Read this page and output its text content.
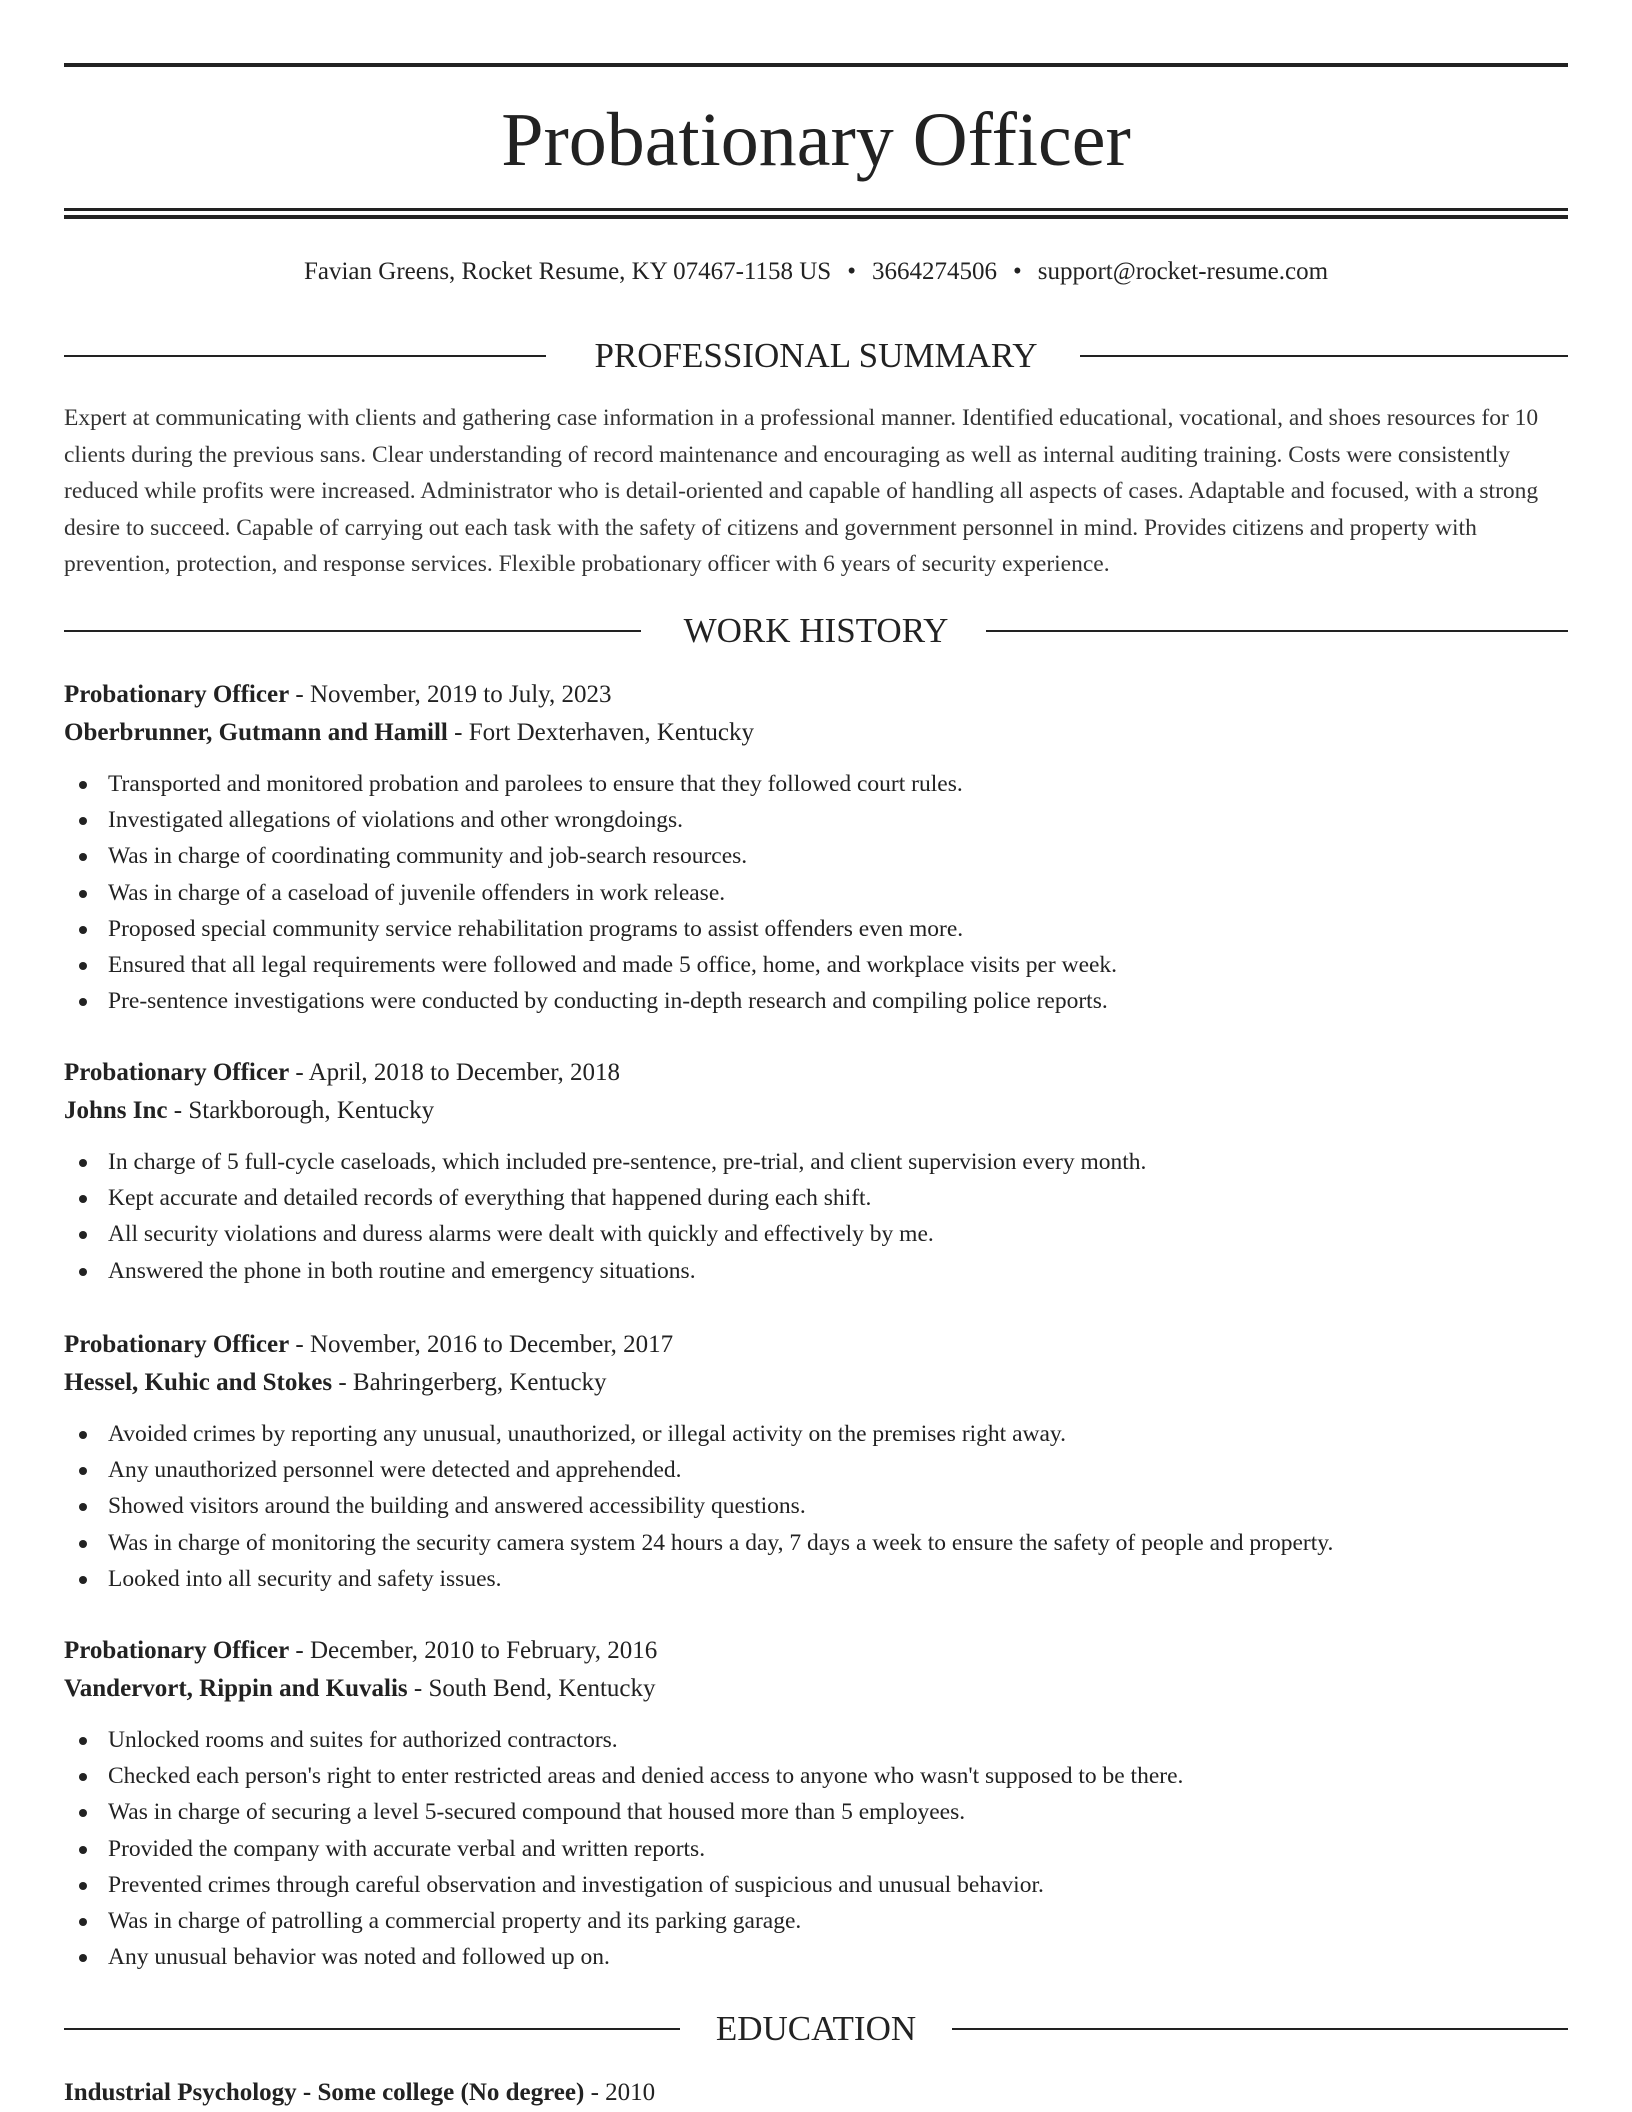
Probationary Officer
Favian Greens, Rocket Resume, KY 07467-1158 US • 3664274506 • support@rocket-resume.com
PROFESSIONAL SUMMARY

Expert at communicating with clients and gathering case information in a professional manner. Identified educational, vocational, and shoes resources for 10 clients during the previous sans. Clear understanding of record maintenance and encouraging as well as internal auditing training. Costs were consistently reduced while profits were increased. Administrator who is detail-oriented and capable of handling all aspects of cases. Adaptable and focused, with a strong desire to succeed. Capable of carrying out each task with the safety of citizens and government personnel in mind. Provides citizens and property with prevention, protection, and response services. Flexible probationary officer with 6 years of security experience.

WORK HISTORY
Probationary Officer - November, 2019 to July, 2023
Oberbrunner, Gutmann and Hamill - Fort Dexterhaven, Kentucky
Transported and monitored probation and parolees to ensure that they followed court rules.
Investigated allegations of violations and other wrongdoings.
Was in charge of coordinating community and job-search resources.
Was in charge of a caseload of juvenile offenders in work release.
Proposed special community service rehabilitation programs to assist offenders even more.
Ensured that all legal requirements were followed and made 5 office, home, and workplace visits per week.
Pre-sentence investigations were conducted by conducting in-depth research and compiling police reports.
Probationary Officer - April, 2018 to December, 2018
Johns Inc - Starkborough, Kentucky
In charge of 5 full-cycle caseloads, which included pre-sentence, pre-trial, and client supervision every month.
Kept accurate and detailed records of everything that happened during each shift.
All security violations and duress alarms were dealt with quickly and effectively by me.
Answered the phone in both routine and emergency situations.
Probationary Officer - November, 2016 to December, 2017
Hessel, Kuhic and Stokes - Bahringerberg, Kentucky
Avoided crimes by reporting any unusual, unauthorized, or illegal activity on the premises right away.
Any unauthorized personnel were detected and apprehended.
Showed visitors around the building and answered accessibility questions.
Was in charge of monitoring the security camera system 24 hours a day, 7 days a week to ensure the safety of people and property.
Looked into all security and safety issues.
Probationary Officer - December, 2010 to February, 2016
Vandervort, Rippin and Kuvalis - South Bend, Kentucky
Unlocked rooms and suites for authorized contractors.
Checked each person's right to enter restricted areas and denied access to anyone who wasn't supposed to be there.
Was in charge of securing a level 5-secured compound that housed more than 5 employees.
Provided the company with accurate verbal and written reports.
Prevented crimes through careful observation and investigation of suspicious and unusual behavior.
Was in charge of patrolling a commercial property and its parking garage.
Any unusual behavior was noted and followed up on.
EDUCATION
Industrial Psychology - Some college (No degree) - 2010
